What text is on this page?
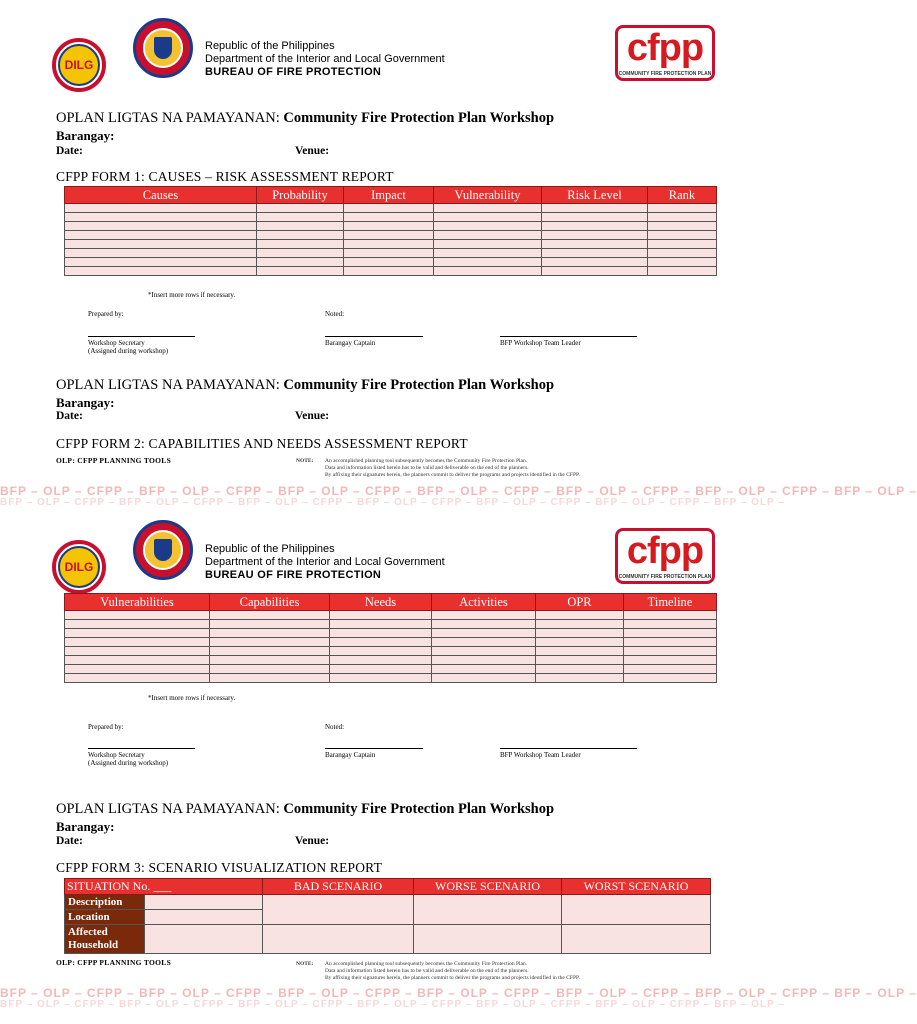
DILG
Republic of the Philippines
Department of the Interior and Local Government
BUREAU OF FIRE PROTECTION
cfpp
COMMUNITY FIRE PROTECTION PLAN
OPLAN LIGTAS NA PAMAYANAN: Community Fire Protection Plan Workshop
Barangay:
Date:	Venue:
CFPP FORM 1: CAUSES – RISK ASSESSMENT REPORT
Causes	Probability	Impact	Vulnerability	Risk Level	Rank

*Insert more rows if necessary.
Prepared by:	Noted:
Workshop Secretary
(Assigned during workshop)
Barangay Captain	BFP Workshop Team Leader
OPLAN LIGTAS NA PAMAYANAN: Community Fire Protection Plan Workshop
Barangay:
Date:	Venue:
CFPP FORM 2: CAPABILITIES AND NEEDS ASSESSMENT REPORT
OLP: CFPP PLANNING TOOLS	NOTE: An accomplished planning tool subsequently becomes the Community Fire Protection Plan.
Data and information listed herein has to be valid and deliverable on the end of the planners.
By affixing their signatures herein, the planners commit to deliver the programs and projects identified in the CFPP.
BFP – OLP – CFPP – BFP – OLP – CFPP – BFP – OLP – CFPP – BFP – OLP – CFPP – BFP – OLP – CFPP – BFP – OLP – CFPP – BFP – OLP –
BFP – OLP – CFPP – BFP – OLP – CFPP – BFP – OLP – CFPP – BFP – OLP – CFPP – BFP – OLP – CFPP – BFP – OLP – CFPP – BFP – OLP –
DILG
Republic of the Philippines
Department of the Interior and Local Government
BUREAU OF FIRE PROTECTION
cfpp
COMMUNITY FIRE PROTECTION PLAN
Vulnerabilities	Capabilities	Needs	Activities	OPR	Timeline

*Insert more rows if necessary.
Prepared by:	Noted:
Workshop Secretary
(Assigned during workshop)
Barangay Captain	BFP Workshop Team Leader
OPLAN LIGTAS NA PAMAYANAN: Community Fire Protection Plan Workshop
Barangay:
Date:	Venue:
CFPP FORM 3: SCENARIO VISUALIZATION REPORT
SITUATION No. ___		BAD SCENARIO	WORSE SCENARIO	WORST SCENARIO
Description				
Location				
Affected Household				
OLP: CFPP PLANNING TOOLS	NOTE: An accomplished planning tool subsequently becomes the Community Fire Protection Plan.
Data and information listed herein has to be valid and deliverable on the end of the planners.
By affixing their signatures herein, the planners commit to deliver the programs and projects identified in the CFPP.
BFP – OLP – CFPP – BFP – OLP – CFPP – BFP – OLP – CFPP – BFP – OLP – CFPP – BFP – OLP – CFPP – BFP – OLP – CFPP – BFP – OLP –
BFP – OLP – CFPP – BFP – OLP – CFPP – BFP – OLP – CFPP – BFP – OLP – CFPP – BFP – OLP – CFPP – BFP – OLP – CFPP – BFP – OLP –
